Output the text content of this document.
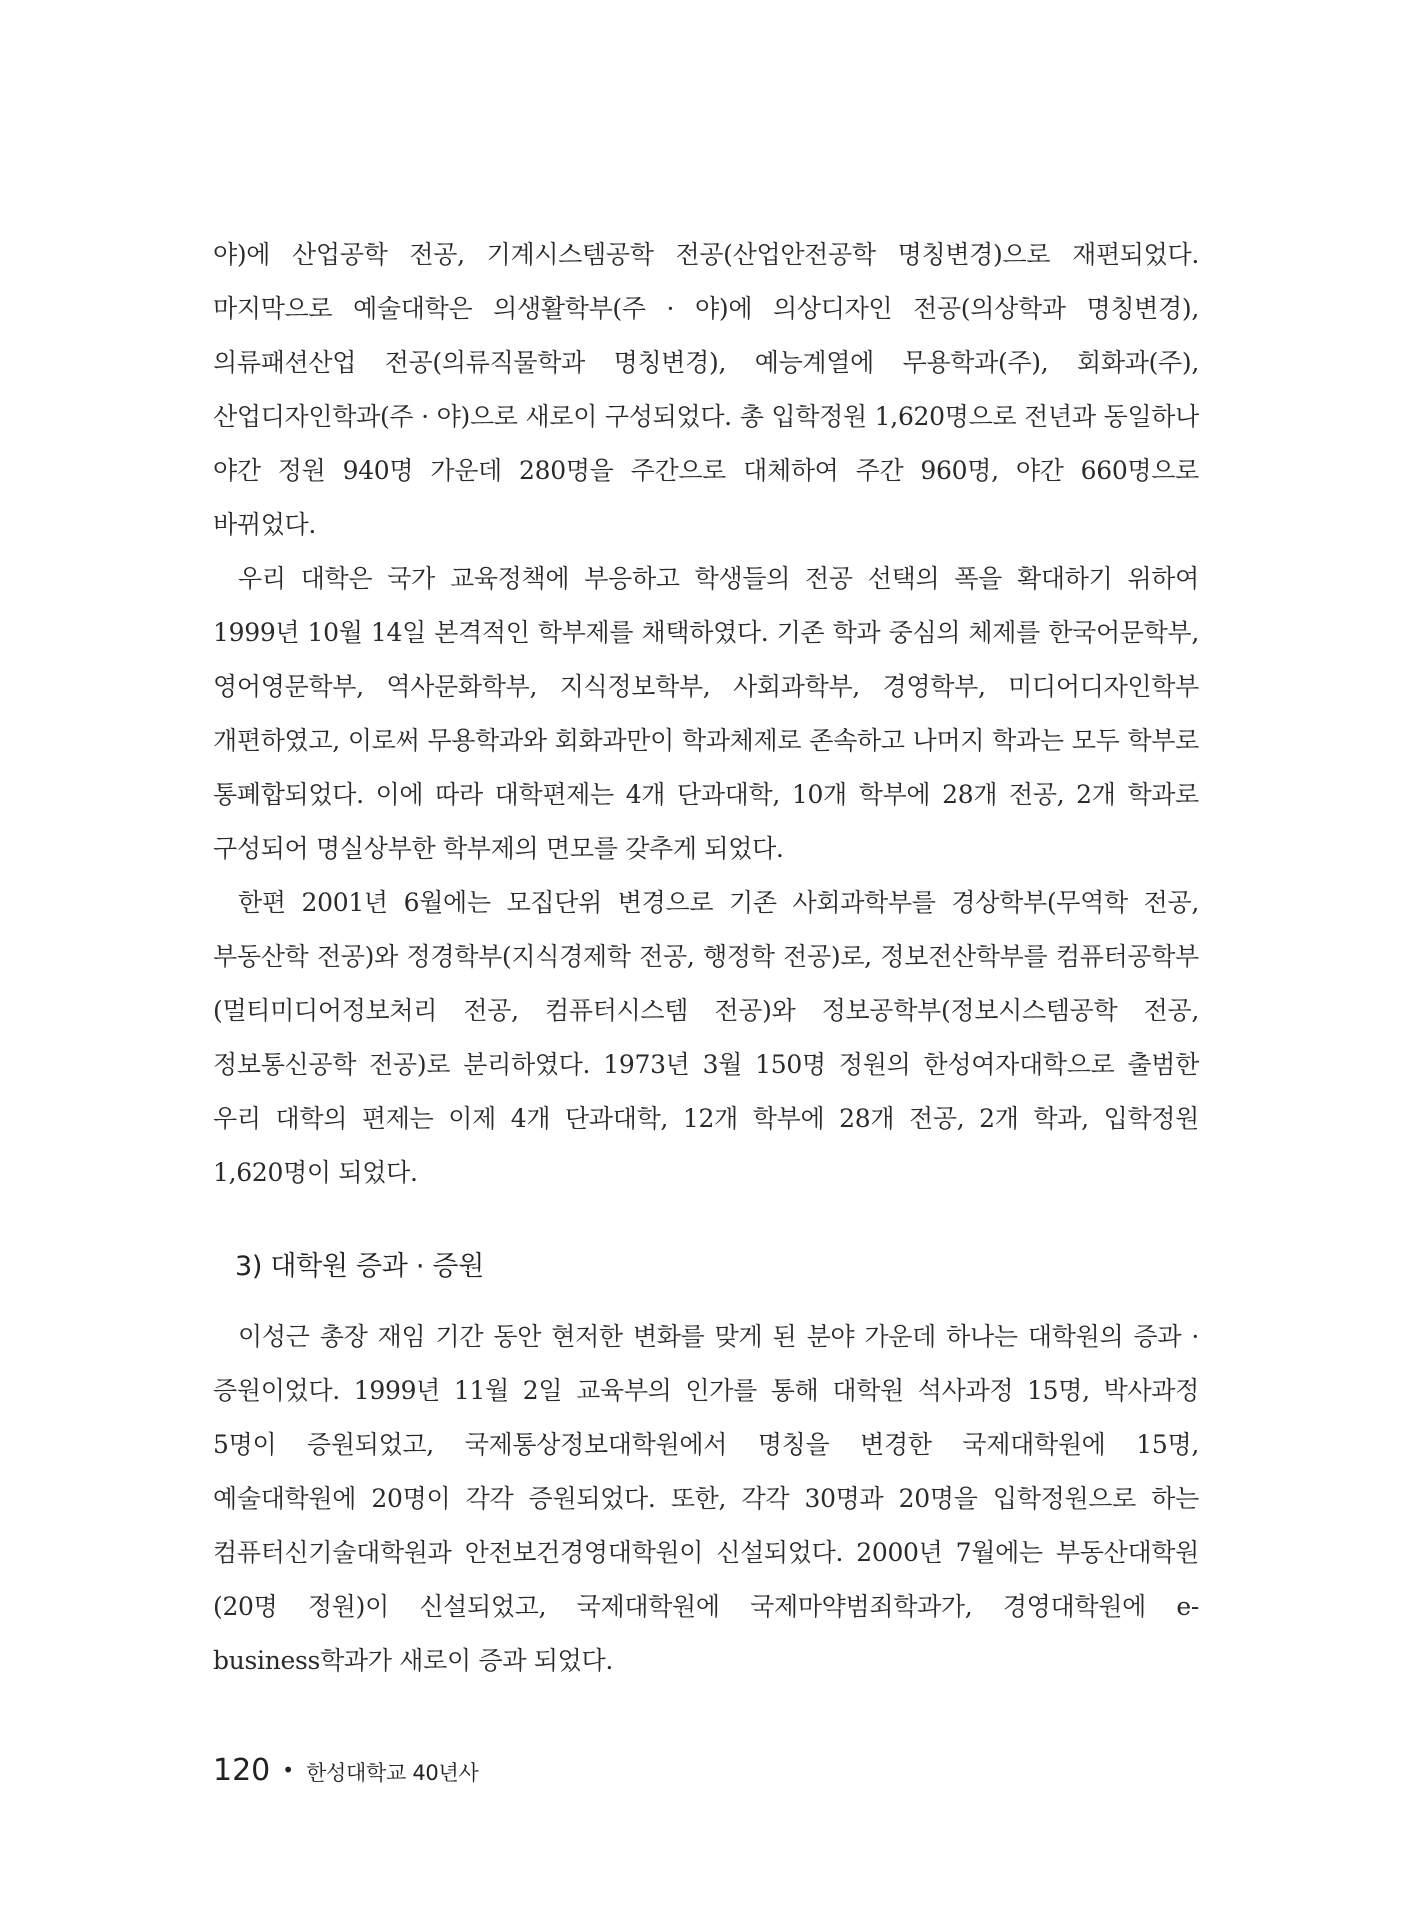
야)에 산업공학 전공, 기계시스템공학 전공(산업안전공학 명칭변경)으로 재편되었다. 마지막으로 예술대학은 의생활학부(주 · 야)에 의상디자인 전공(의상학과 명칭변경), 의류패션산업 전공(의류직물학과 명칭변경), 예능계열에 무용학과(주), 회화과(주), 산업디자인학과(주 · 야)으로 새로이 구성되었다. 총 입학정원 1,620명으로 전년과 동일하나 야간 정원 940명 가운데 280명을 주간으로 대체하여 주간 960명, 야간 660명으로 바뀌었다.

우리 대학은 국가 교육정책에 부응하고 학생들의 전공 선택의 폭을 확대하기 위하여 1999년 10월 14일 본격적인 학부제를 채택하였다. 기존 학과 중심의 체제를 한국어문학부, 영어영문학부, 역사문화학부, 지식정보학부, 사회과학부, 경영학부, 미디어디자인학부 개편하였고, 이로써 무용학과와 회화과만이 학과체제로 존속하고 나머지 학과는 모두 학부로 통폐합되었다. 이에 따라 대학편제는 4개 단과대학, 10개 학부에 28개 전공, 2개 학과로 구성되어 명실상부한 학부제의 면모를 갖추게 되었다.

한편 2001년 6월에는 모집단위 변경으로 기존 사회과학부를 경상학부(무역학 전공, 부동산학 전공)와 정경학부(지식경제학 전공, 행정학 전공)로, 정보전산학부를 컴퓨터공학부(멀티미디어정보처리 전공, 컴퓨터시스템 전공)와 정보공학부(정보시스템공학 전공, 정보통신공학 전공)로 분리하였다. 1973년 3월 150명 정원의 한성여자대학으로 출범한 우리 대학의 편제는 이제 4개 단과대학, 12개 학부에 28개 전공, 2개 학과, 입학정원 1,620명이 되었다.

3) 대학원 증과 · 증원

이성근 총장 재임 기간 동안 현저한 변화를 맞게 된 분야 가운데 하나는 대학원의 증과 · 증원이었다. 1999년 11월 2일 교육부의 인가를 통해 대학원 석사과정 15명, 박사과정 5명이 증원되었고, 국제통상정보대학원에서 명칭을 변경한 국제대학원에 15명, 예술대학원에 20명이 각각 증원되었다. 또한, 각각 30명과 20명을 입학정원으로 하는 컴퓨터신기술대학원과 안전보건경영대학원이 신설되었다. 2000년 7월에는 부동산대학원(20명 정원)이 신설되었고, 국제대학원에 국제마약범죄학과가, 경영대학원에 e-business학과가 새로이 증과 되었다.

120 • 한성대학교 40년사
